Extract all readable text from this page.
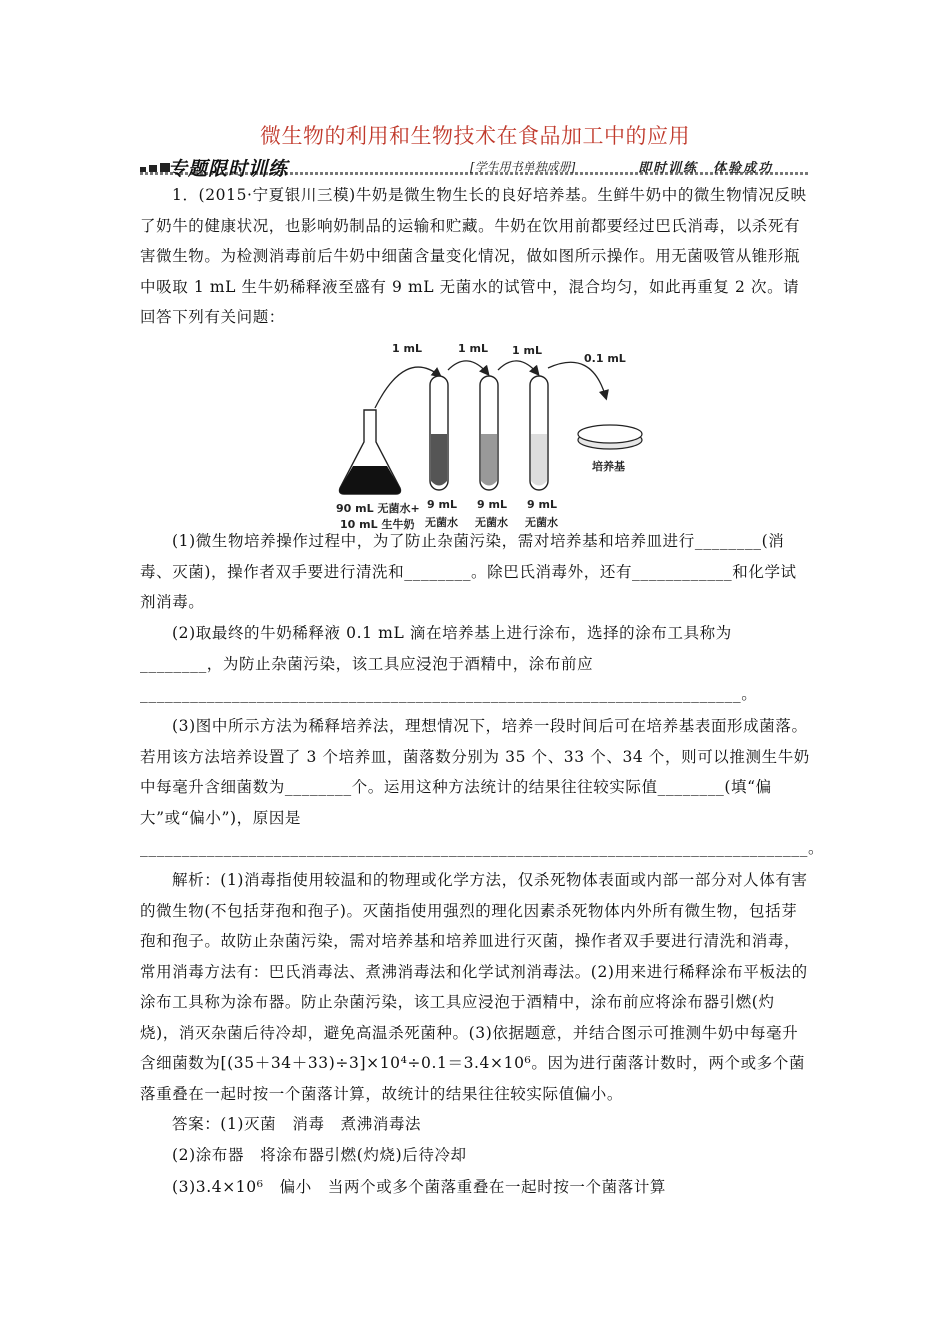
微生物的利用和生物技术在食品加工中的应用
专题限时训练	[学生用书单独成册]	即时训练　体验成功

1．(2015·宁夏银川三模)牛奶是微生物生长的良好培养基。生鲜牛奶中的微生物情况反映了奶牛的健康状况，也影响奶制品的运输和贮藏。牛奶在饮用前都要经过巴氏消毒，以杀死有害微生物。为检测消毒前后牛奶中细菌含量变化情况，做如图所示操作。用无菌吸管从锥形瓶中吸取 1 mL 生牛奶稀释液至盛有 9 mL 无菌水的试管中，混合均匀，如此再重复 2 次。请回答下列有关问题：

1 mL	1 mL 1 mL
0.1 mL
培养基
90 mL 无菌水+
10 mL 生牛奶
9 mL
无菌水
9 mL
无菌水
9 mL
无菌水

(1)微生物培养操作过程中，为了防止杂菌污染，需对培养基和培养皿进行________(消毒、灭菌)，操作者双手要进行清洗和________。除巴氏消毒外，还有____________和化学试剂消毒。

(2)取最终的牛奶稀释液 0.1 mL 滴在培养基上进行涂布，选择的涂布工具称为________，为防止杂菌污染，该工具应浸泡于酒精中，涂布前应________________________________________________________________________。

(3)图中所示方法为稀释培养法，理想情况下，培养一段时间后可在培养基表面形成菌落。若用该方法培养设置了 3 个培养皿，菌落数分别为 35 个、33 个、34 个，则可以推测生牛奶中每毫升含细菌数为________个。运用这种方法统计的结果往往较实际值________(填“偏大”或“偏小”)，原因是________________________________________________________________________________。

解析：(1)消毒指使用较温和的物理或化学方法，仅杀死物体表面或内部一部分对人体有害的微生物(不包括芽孢和孢子)。灭菌指使用强烈的理化因素杀死物体内外所有微生物，包括芽孢和孢子。故防止杂菌污染，需对培养基和培养皿进行灭菌，操作者双手要进行清洗和消毒，常用消毒方法有：巴氏消毒法、煮沸消毒法和化学试剂消毒法。(2)用来进行稀释涂布平板法的涂布工具称为涂布器。防止杂菌污染，该工具应浸泡于酒精中，涂布前应将涂布器引燃(灼烧)，消灭杂菌后待冷却，避免高温杀死菌种。(3)依据题意，并结合图示可推测牛奶中每毫升含细菌数为[(35＋34＋33)÷3]×10⁴÷0.1＝3.4×10⁶。因为进行菌落计数时，两个或多个菌落重叠在一起时按一个菌落计算，故统计的结果往往较实际值偏小。

答案：(1)灭菌　消毒　煮沸消毒法

(2)涂布器　将涂布器引燃(灼烧)后待冷却

(3)3.4×10⁶　偏小　当两个或多个菌落重叠在一起时按一个菌落计算
